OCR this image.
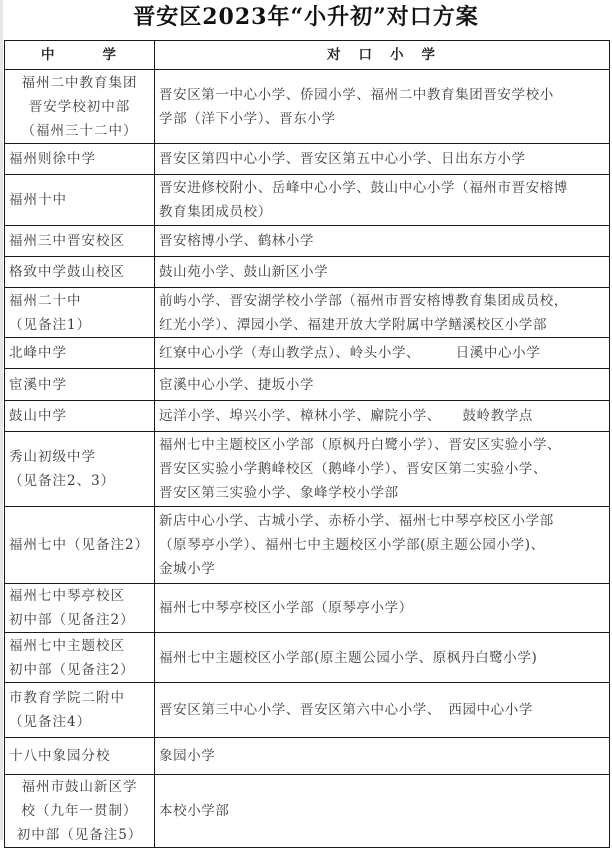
晋安区2023年“小升初”对口方案
中 学	对 口 小 学

福州二中教育集团
晋安学校初中部
（福州三十二中）	晋安区第一中心小学、侨园小学、福州二中教育集团晋安学校小
学部（洋下小学）、晋东小学

福州则徐中学	晋安区第四中心小学、晋安区第五中心小学、日出东方小学

福州十中	晋安进修校附小、岳峰中心小学、鼓山中心小学（福州市晋安榕博
教育集团成员校）

福州三中晋安校区	晋安榕博小学、鹤林小学

格致中学鼓山校区	鼓山苑小学、鼓山新区小学

福州二十中
（见备注1）	前屿小学、晋安湖学校小学部（福州市晋安榕博教育集团成员校，
红光小学）、潭园小学、福建开放大学附属中学鳝溪校区小学部

北峰中学	红寮中心小学（寿山教学点）、岭头小学、　　　日溪中心小学

宦溪中学	宦溪中心小学、捷坂小学

鼓山中学	远洋小学、埠兴小学、樟林小学、廨院小学、　　鼓岭教学点

秀山初级中学
（见备注2、3）	福州七中主题校区小学部（原枫丹白鹭小学）、晋安区实验小学、
晋安区实验小学鹅峰校区（鹅峰小学）、晋安区第二实验小学、
晋安区第三实验小学、象峰学校小学部

福州七中（见备注2）	新店中心小学、古城小学、赤桥小学、福州七中琴亭校区小学部
（原琴亭小学）、福州七中主题校区小学部(原主题公园小学)、
金城小学

福州七中琴亭校区
初中部（见备注2）	福州七中琴亭校区小学部（原琴亭小学）

福州七中主题校区
初中部（见备注2）	福州七中主题校区小学部(原主题公园小学、原枫丹白鹭小学)

市教育学院二附中
（见备注4）	晋安区第三中心小学、晋安区第六中心小学、　西园中心小学

十八中象园分校	象园小学

福州市鼓山新区学
校（九年一贯制）
初中部（见备注5）	本校小学部
